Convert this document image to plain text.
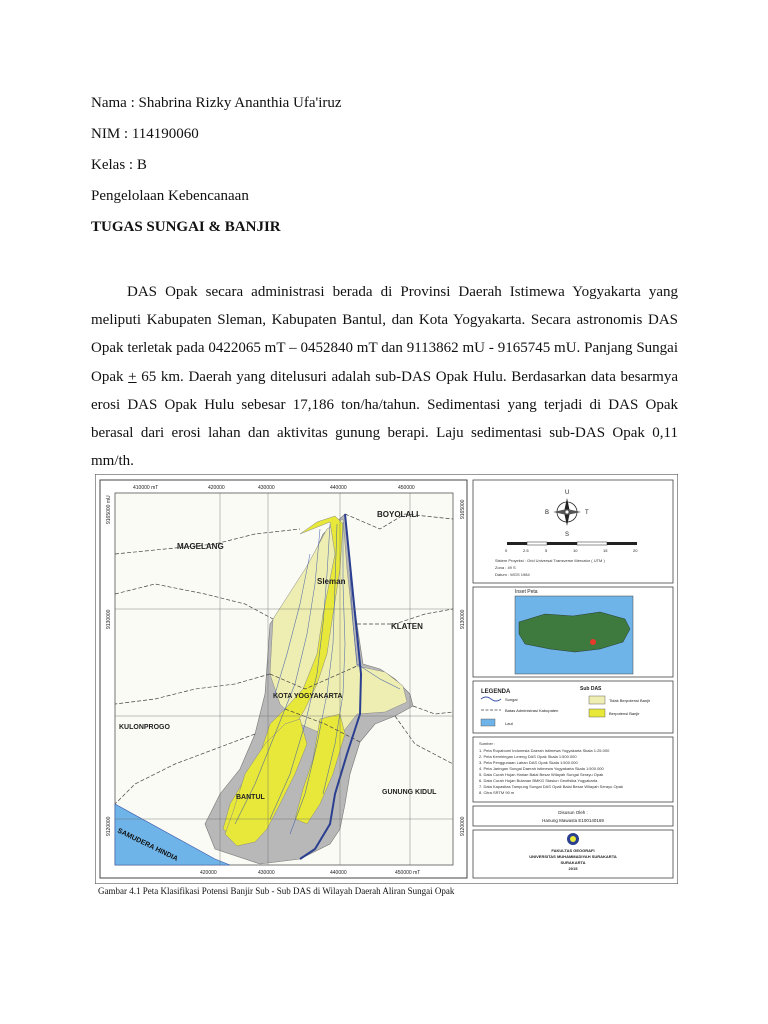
Nama : Shabrina Rizky Ananthia Ufa'iruz
NIM : 114190060
Kelas : B
Pengelolaan Kebencanaan
TUGAS SUNGAI & BANJIR
DAS Opak secara administrasi berada di Provinsi Daerah Istimewa Yogyakarta yang meliputi Kabupaten Sleman, Kabupaten Bantul, dan Kota Yogyakarta. Secara astronomis DAS Opak terletak pada 0422065 mT – 0452840 mT dan 9113862 mU - 9165745 mU. Panjang Sungai Opak + 65 km. Daerah yang ditelusuri adalah sub-DAS Opak Hulu. Berdasarkan data besarmya erosi DAS Opak Hulu sebesar 17,186 ton/ha/tahun. Sedimentasi yang terjadi di DAS Opak berasal dari erosi lahan dan aktivitas gunung berapi. Laju sedimentasi sub-DAS Opak 0,11 mm/th.
410000 mT	420000	430000	440000	450000
420000	430000	440000	450000 mT
9165000 mU
9130000
9120000
9165000
9130000
9120000
MAGELANG
BOYOLALI
Sleman
KLATEN
KOTA YOGYAKARTA
KULONPROGO
BANTUL
GUNUNG KIDUL
SAMUDERA HINDIA
U
S
B	T
0	2.5	5	10	15	20
Sistem Proyeksi : Grid Universal Transverse Mercator ( UTM )
Zona : 49 S
Datum : WGS 1984
Inset Peta
LEGENDA	Sub DAS
Sungai
Batas Administrasi Kabupaten
Laut
Tidak Berpotensi Banjir
Berpotensi Banjir
Sumber :
1. Peta Rupabumi Indonesia Daerah Istimewa Yogyakarta Skala 1:25.000
2. Peta Kemiringan Lereng DAS Opak Skala 1:500.000
3. Peta Penggunaan Lahan DAS Opak Skala 1:500.000
4. Peta Jaringan Sungai Daerah Istimewa Yogyakarta Skala 1:500.000
5. Data Curah Hujan Harian Balai Besar Wilayah Sungai Serayu Opak
6. Data Curah Hujan Bulanan BMKG Stasiun Geofisika Yogyakarta
7. Data Kapasitas Tampung Sungai DAS Opak Balai Besar Wilayah Serayu Opak
8. Citra SRTM 90 m
Disusun Oleh :
Hanung Mawasta E100140169
FAKULTAS GEOGRAFI
UNIVERSITAS MUHAMMADIYAH SURAKARTA
SURAKARTA
2015
Gambar 4.1 Peta Klasifikasi Potensi Banjir Sub - Sub DAS di Wilayah Daerah Aliran Sungai Opak
